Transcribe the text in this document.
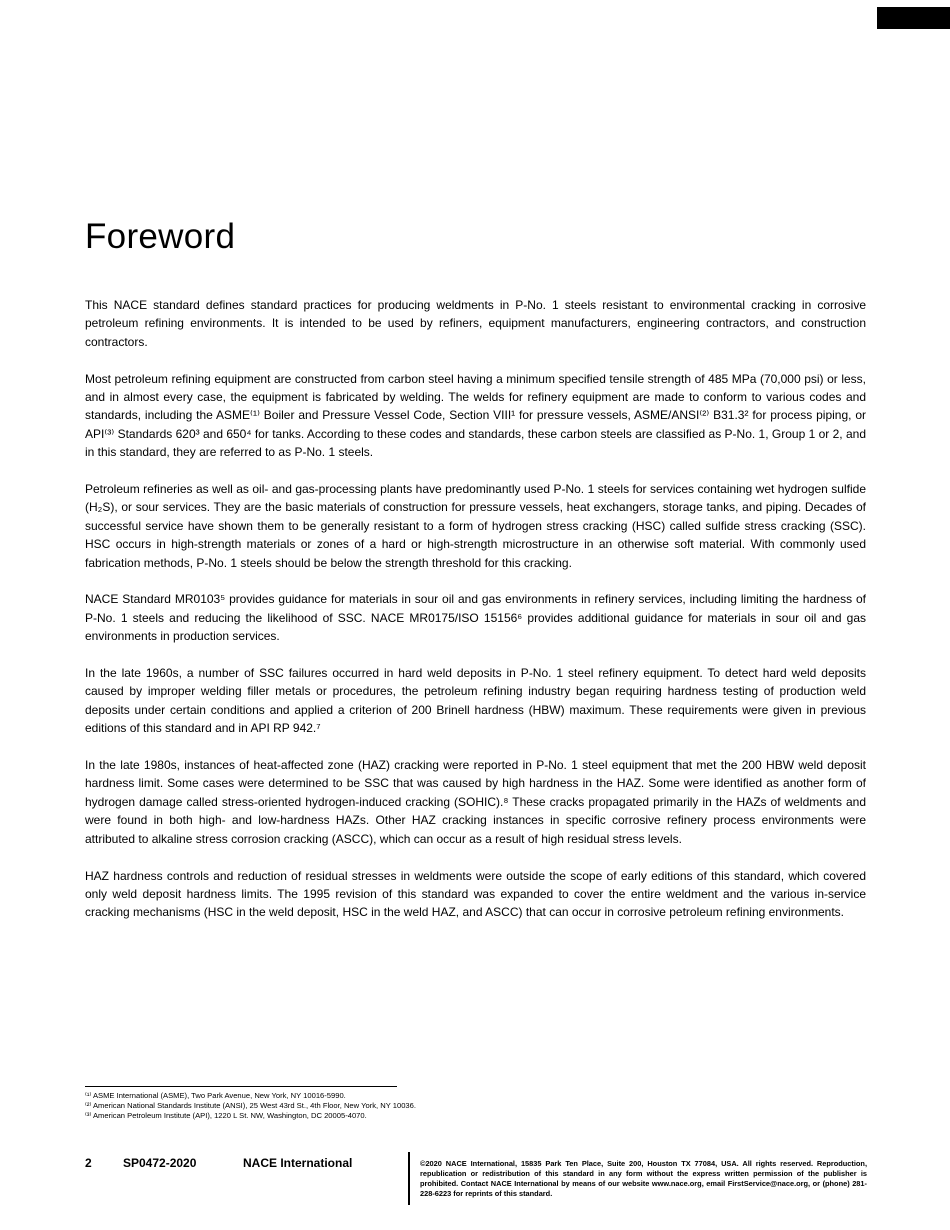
Foreword

This NACE standard defines standard practices for producing weldments in P-No. 1 steels resistant to environmental cracking in corrosive petroleum refining environments. It is intended to be used by refiners, equipment manufacturers, engineering contractors, and construction contractors.

Most petroleum refining equipment are constructed from carbon steel having a minimum specified tensile strength of 485 MPa (70,000 psi) or less, and in almost every case, the equipment is fabricated by welding. The welds for refinery equipment are made to conform to various codes and standards, including the ASME⁽¹⁾ Boiler and Pressure Vessel Code, Section VIII¹ for pressure vessels, ASME/ANSI⁽²⁾ B31.3² for process piping, or API⁽³⁾ Standards 620³ and 650⁴ for tanks. According to these codes and standards, these carbon steels are classified as P-No. 1, Group 1 or 2, and in this standard, they are referred to as P-No. 1 steels.

Petroleum refineries as well as oil- and gas-processing plants have predominantly used P-No. 1 steels for services containing wet hydrogen sulfide (H₂S), or sour services. They are the basic materials of construction for pressure vessels, heat exchangers, storage tanks, and piping. Decades of successful service have shown them to be generally resistant to a form of hydrogen stress cracking (HSC) called sulfide stress cracking (SSC). HSC occurs in high-strength materials or zones of a hard or high-strength microstructure in an otherwise soft material. With commonly used fabrication methods, P-No. 1 steels should be below the strength threshold for this cracking.

NACE Standard MR0103⁵ provides guidance for materials in sour oil and gas environments in refinery services, including limiting the hardness of P-No. 1 steels and reducing the likelihood of SSC. NACE MR0175/ISO 15156⁶ provides additional guidance for materials in sour oil and gas environments in production services.

In the late 1960s, a number of SSC failures occurred in hard weld deposits in P-No. 1 steel refinery equipment. To detect hard weld deposits caused by improper welding filler metals or procedures, the petroleum refining industry began requiring hardness testing of production weld deposits under certain conditions and applied a criterion of 200 Brinell hardness (HBW) maximum. These requirements were given in previous editions of this standard and in API RP 942.⁷

In the late 1980s, instances of heat-affected zone (HAZ) cracking were reported in P-No. 1 steel equipment that met the 200 HBW weld deposit hardness limit. Some cases were determined to be SSC that was caused by high hardness in the HAZ. Some were identified as another form of hydrogen damage called stress-oriented hydrogen-induced cracking (SOHIC).⁸ These cracks propagated primarily in the HAZs of weldments and were found in both high- and low-hardness HAZs. Other HAZ cracking instances in specific corrosive refinery process environments were attributed to alkaline stress corrosion cracking (ASCC), which can occur as a result of high residual stress levels.

HAZ hardness controls and reduction of residual stresses in weldments were outside the scope of early editions of this standard, which covered only weld deposit hardness limits. The 1995 revision of this standard was expanded to cover the entire weldment and the various in-service cracking mechanisms (HSC in the weld deposit, HSC in the weld HAZ, and ASCC) that can occur in corrosive petroleum refining environments.

⁽¹⁾ ASME International (ASME), Two Park Avenue, New York, NY 10016-5990.

⁽²⁾ American National Standards Institute (ANSI), 25 West 43rd St., 4th Floor, New York, NY 10036.

⁽³⁾ American Petroleum Institute (API), 1220 L St. NW, Washington, DC 20005-4070.

2	SP0472-2020	NACE International	©2020 NACE International, 15835 Park Ten Place, Suite 200, Houston TX 77084, USA. All rights reserved. Reproduction, republication or redistribution of this standard in any form without the express written permission of the publisher is prohibited. Contact NACE International by means of our website www.nace.org, email FirstService@nace.org, or (phone) 281-228-6223 for reprints of this standard.
